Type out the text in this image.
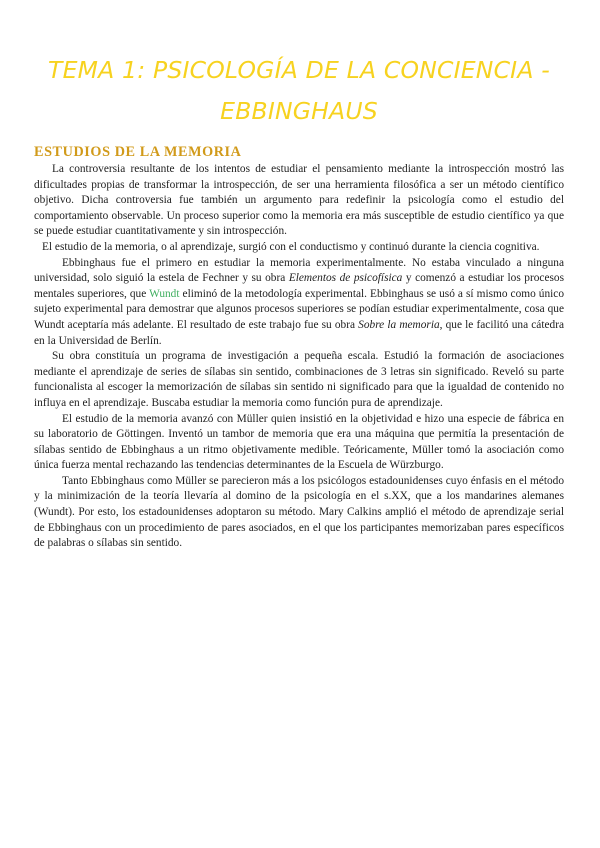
TEMA 1: PSICOLOGÍA DE LA CONCIENCIA -
EBBINGHAUS
ESTUDIOS DE LA MEMORIA

La controversia resultante de los intentos de estudiar el pensamiento mediante la introspección mostró las dificultades propias de transformar la introspección, de ser una herramienta filosófica a ser un método científico objetivo. Dicha controversia fue también un argumento para redefinir la psicología como el estudio del comportamiento observable. Un proceso superior como la memoria era más susceptible de estudio científico ya que se puede estudiar cuantitativamente y sin introspección.

El estudio de la memoria, o al aprendizaje, surgió con el conductismo y continuó durante la ciencia cognitiva.

Ebbinghaus fue el primero en estudiar la memoria experimentalmente. No estaba vinculado a ninguna universidad, solo siguió la estela de Fechner y su obra Elementos de psicofísica y comenzó a estudiar los procesos mentales superiores, que Wundt eliminó de la metodología experimental. Ebbinghaus se usó a sí mismo como único sujeto experimental para demostrar que algunos procesos superiores se podían estudiar experimentalmente, cosa que Wundt aceptaría más adelante. El resultado de este trabajo fue su obra Sobre la memoria, que le facilitó una cátedra en la Universidad de Berlín.

Su obra constituía un programa de investigación a pequeña escala. Estudió la formación de asociaciones mediante el aprendizaje de series de sílabas sin sentido, combinaciones de 3 letras sin significado. Reveló su parte funcionalista al escoger la memorización de sílabas sin sentido ni significado para que la igualdad de contenido no influya en el aprendizaje. Buscaba estudiar la memoria como función pura de aprendizaje.

El estudio de la memoria avanzó con Müller quien insistió en la objetividad e hizo una especie de fábrica en su laboratorio de Göttingen. Inventó un tambor de memoria que era una máquina que permitía la presentación de sílabas sentido de Ebbinghaus a un ritmo objetivamente medible. Teóricamente, Müller tomó la asociación como única fuerza mental rechazando las tendencias determinantes de la Escuela de Würzburgo.

Tanto Ebbinghaus como Müller se parecieron más a los psicólogos estadounidenses cuyo énfasis en el método y la minimización de la teoría llevaría al domino de la psicología en el s.XX, que a los mandarines alemanes (Wundt). Por esto, los estadounidenses adoptaron su método. Mary Calkins amplió el método de aprendizaje serial de Ebbinghaus con un procedimiento de pares asociados, en el que los participantes memorizaban pares específicos de palabras o sílabas sin sentido.
